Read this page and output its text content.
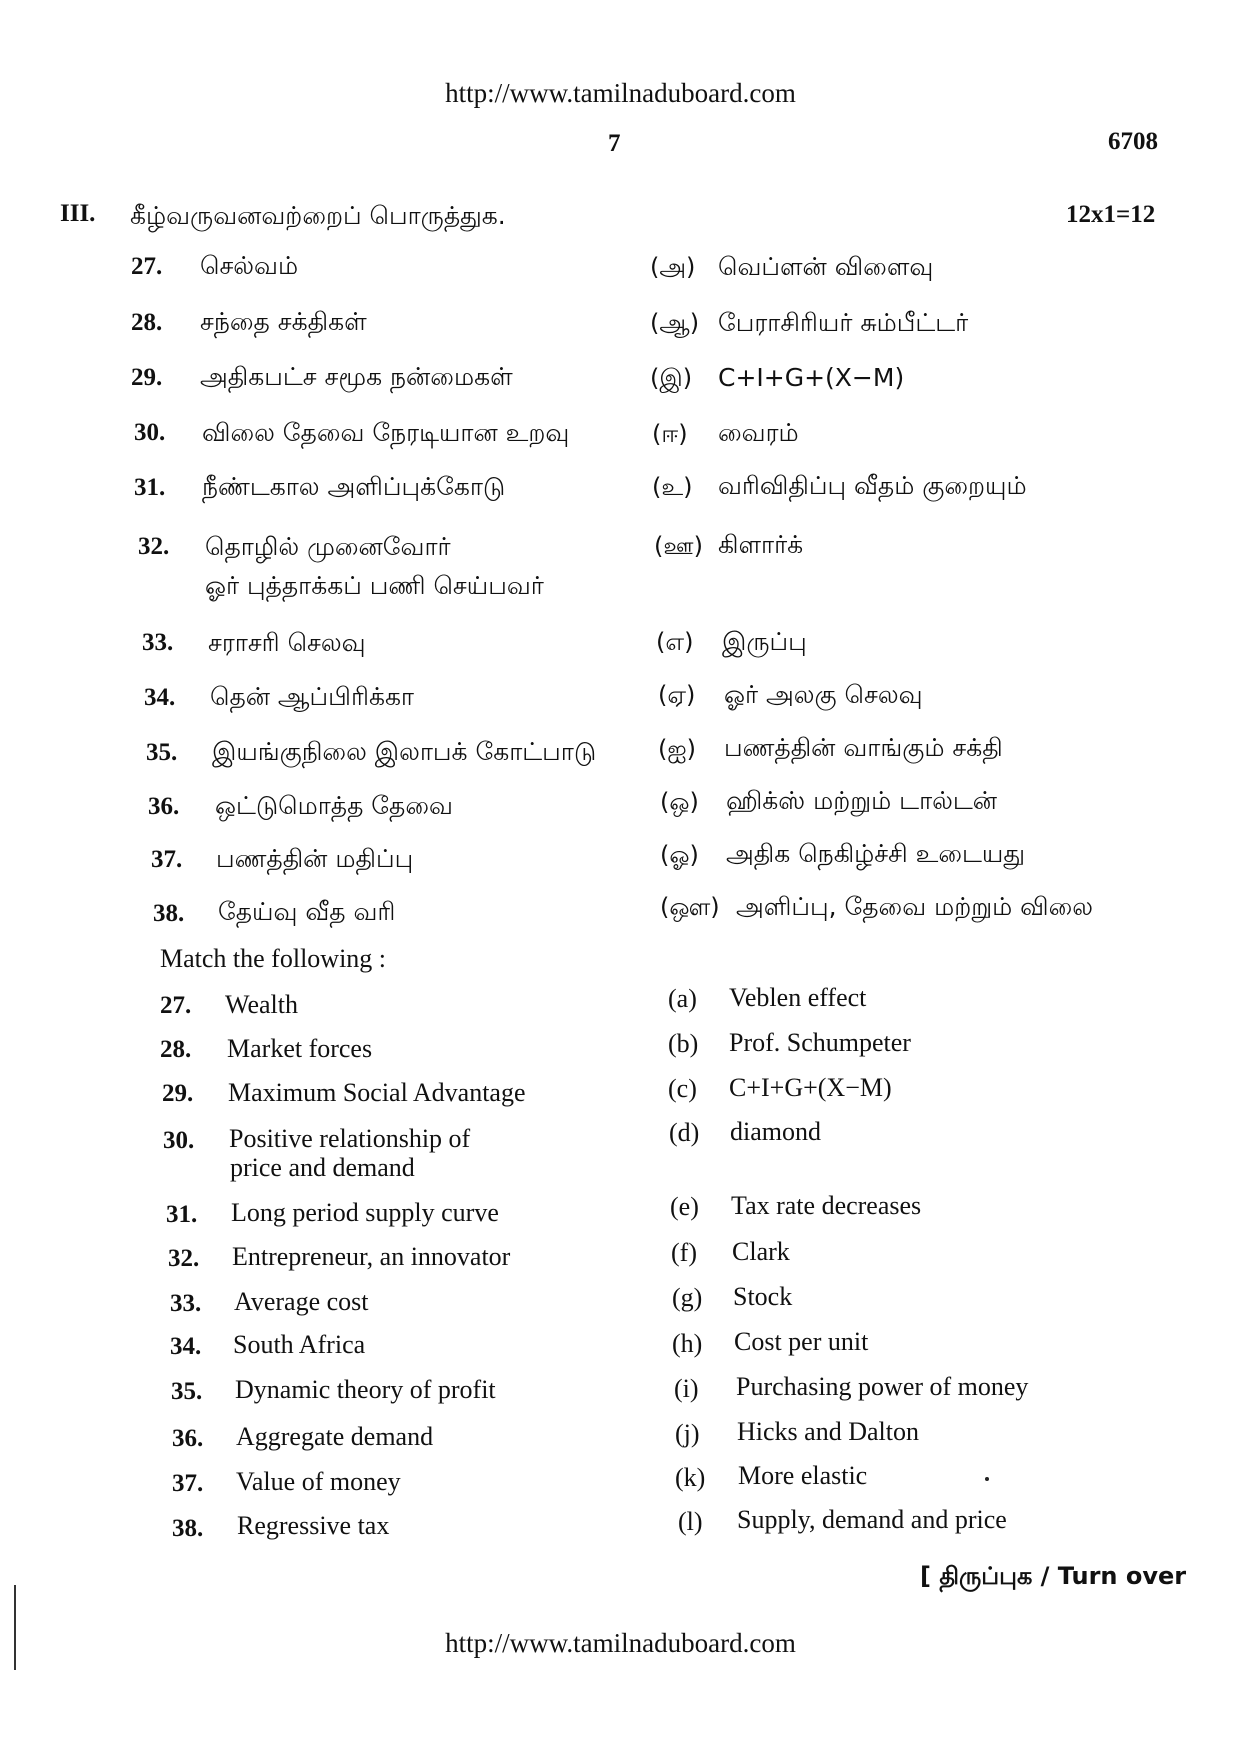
http://www.tamilnaduboard.com
7	6708
III. கீழ்வருவனவற்றைப் பொருத்துக.	12x1=12
27. செல்வம்
28. சந்தை சக்திகள்
29. அதிகபட்ச சமூக நன்மைகள்
30. விலை தேவை நேரடியான உறவு
31. நீண்டகால அளிப்புக்கோடு
32. தொழில் முனைவோர்
ஓர் புத்தாக்கப் பணி செய்பவர்
33. சராசரி செலவு
34. தென் ஆப்பிரிக்கா
35. இயங்குநிலை இலாபக் கோட்பாடு
36. ஒட்டுமொத்த தேவை
37. பணத்தின் மதிப்பு
38. தேய்வு வீத வரி
(அ) வெப்ளன் விளைவு
(ஆ) பேராசிரியர் சும்பீட்டர்
(இ) C+I+G+(X−M)
(ஈ) வைரம்
(உ) வரிவிதிப்பு வீதம் குறையும்
(ஊ) கிளார்க்
(எ) இருப்பு
(ஏ) ஓர் அலகு செலவு
(ஐ) பணத்தின் வாங்கும் சக்தி
(ஒ) ஹிக்ஸ் மற்றும் டால்டன்
(ஓ) அதிக நெகிழ்ச்சி உடையது
(ஔ) அளிப்பு, தேவை மற்றும் விலை
Match the following :
27. Wealth
28. Market forces
29. Maximum Social Advantage
30. Positive relationship of
price and demand
31. Long period supply curve
32. Entrepreneur, an innovator
33. Average cost
34. South Africa
35. Dynamic theory of profit
36. Aggregate demand
37. Value of money
38. Regressive tax
(a) Veblen effect
(b) Prof. Schumpeter
(c) C+I+G+(X−M)
(d) diamond
(e) Tax rate decreases
(f) Clark
(g) Stock
(h) Cost per unit
(i) Purchasing power of money
(j) Hicks and Dalton
(k) More elastic
(l) Supply, demand and price
[ திருப்புக / Turn over
http://www.tamilnaduboard.com
